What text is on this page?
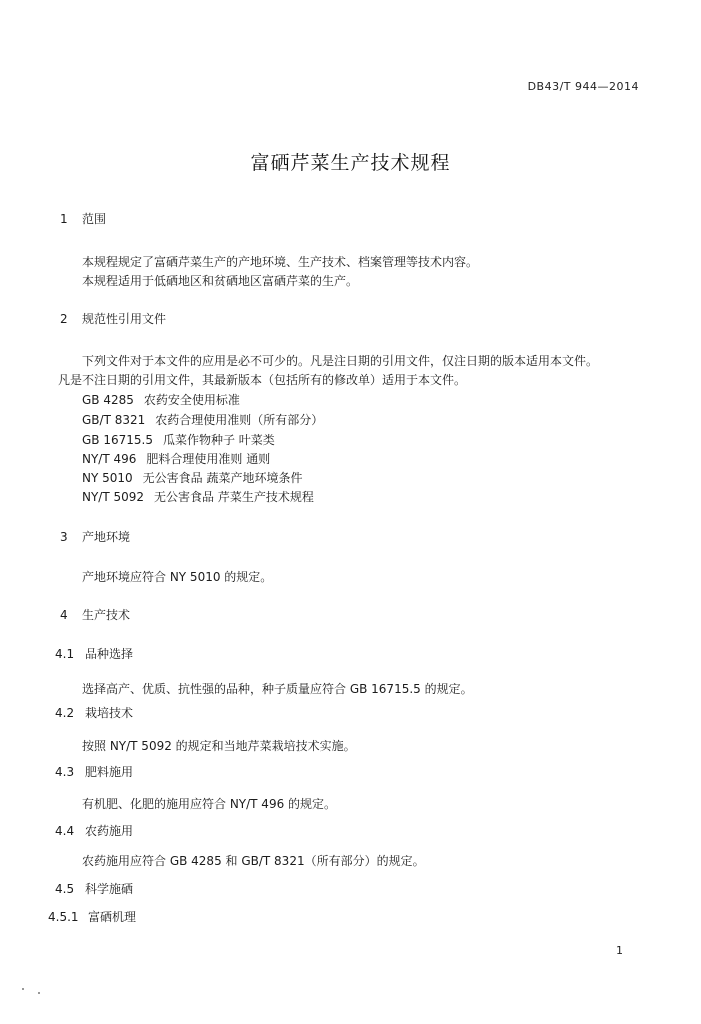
DB43/T 944—2014
富硒芹菜生产技术规程
1 范围
本规程规定了富硒芹菜生产的产地环境、生产技术、档案管理等技术内容。
本规程适用于低硒地区和贫硒地区富硒芹菜的生产。
2 规范性引用文件
下列文件对于本文件的应用是必不可少的。凡是注日期的引用文件，仅注日期的版本适用本文件。
凡是不注日期的引用文件，其最新版本（包括所有的修改单）适用于本文件。
GB 4285 农药安全使用标准
GB/T 8321 农药合理使用准则（所有部分）
GB 16715.5 瓜菜作物种子 叶菜类
NY/T 496 肥料合理使用准则 通则
NY 5010 无公害食品 蔬菜产地环境条件
NY/T 5092 无公害食品 芹菜生产技术规程
3 产地环境
产地环境应符合 NY 5010 的规定。
4 生产技术
4.1 品种选择
选择高产、优质、抗性强的品种，种子质量应符合 GB 16715.5 的规定。
4.2 栽培技术
按照 NY/T 5092 的规定和当地芹菜栽培技术实施。
4.3 肥料施用
有机肥、化肥的施用应符合 NY/T 496 的规定。
4.4 农药施用
农药施用应符合 GB 4285 和 GB/T 8321（所有部分）的规定。
4.5 科学施硒
4.5.1 富硒机理
1
